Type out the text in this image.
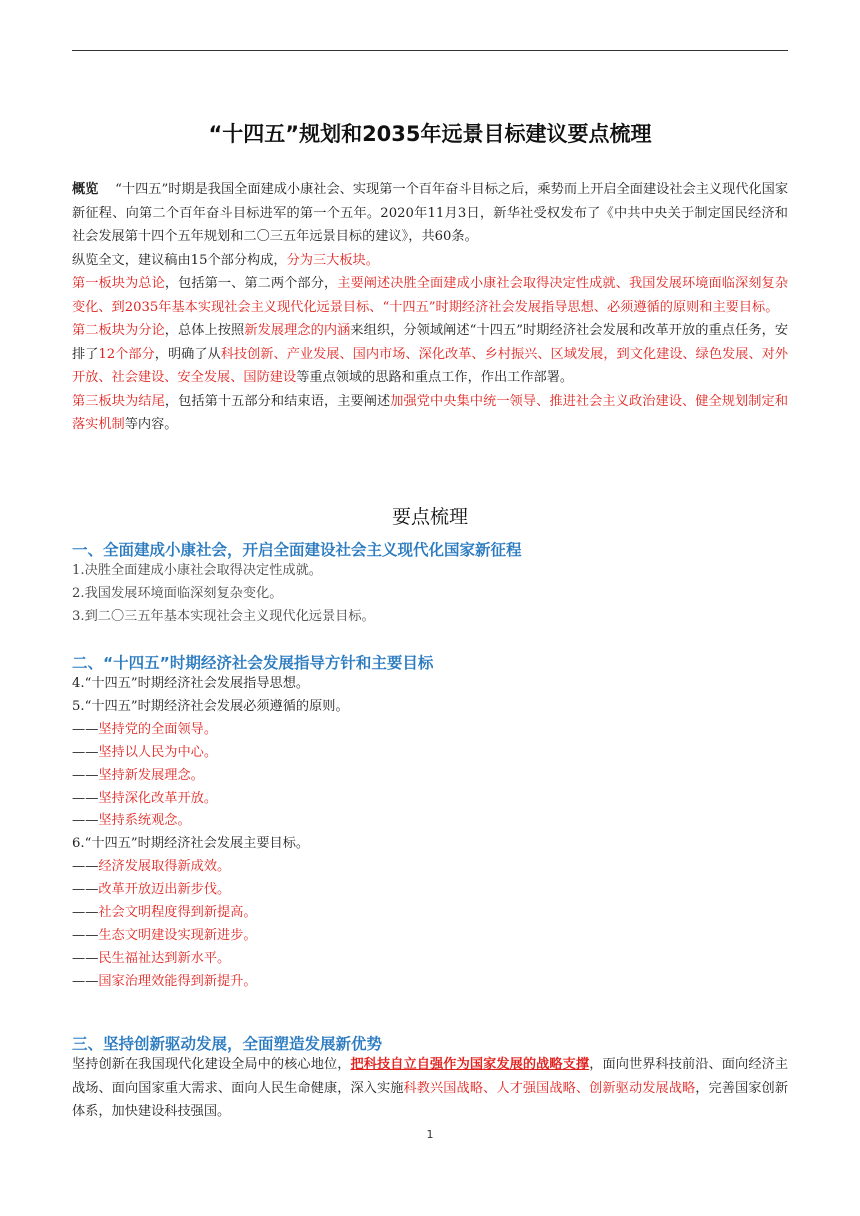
“十四五”规划和2035年远景目标建议要点梳理

概览 “十四五”时期是我国全面建成小康社会、实现第一个百年奋斗目标之后，乘势而上开启全面建设社会主义现代化国家新征程、向第二个百年奋斗目标进军的第一个五年。2020年11月3日，新华社受权发布了《中共中央关于制定国民经济和社会发展第十四个五年规划和二〇三五年远景目标的建议》，共60条。
纵览全文，建议稿由15个部分构成，分为三大板块。
第一板块为总论，包括第一、第二两个部分，主要阐述决胜全面建成小康社会取得决定性成就、我国发展环境面临深刻复杂变化、到2035年基本实现社会主义现代化远景目标、“十四五”时期经济社会发展指导思想、必须遵循的原则和主要目标。
第二板块为分论，总体上按照新发展理念的内涵来组织，分领域阐述“十四五”时期经济社会发展和改革开放的重点任务，安排了12个部分，明确了从科技创新、产业发展、国内市场、深化改革、乡村振兴、区域发展，到文化建设、绿色发展、对外开放、社会建设、安全发展、国防建设等重点领域的思路和重点工作，作出工作部署。
第三板块为结尾，包括第十五部分和结束语，主要阐述加强党中央集中统一领导、推进社会主义政治建设、健全规划制定和落实机制等内容。

要点梳理

一、全面建成小康社会，开启全面建设社会主义现代化国家新征程

1.决胜全面建成小康社会取得决定性成就。
2.我国发展环境面临深刻复杂变化。
3.到二〇三五年基本实现社会主义现代化远景目标。

二、“十四五”时期经济社会发展指导方针和主要目标

4.“十四五”时期经济社会发展指导思想。
5.“十四五”时期经济社会发展必须遵循的原则。
——坚持党的全面领导。
——坚持以人民为中心。
——坚持新发展理念。
——坚持深化改革开放。
——坚持系统观念。
6.“十四五”时期经济社会发展主要目标。
——经济发展取得新成效。
——改革开放迈出新步伐。
——社会文明程度得到新提高。
——生态文明建设实现新进步。
——民生福祉达到新水平。
——国家治理效能得到新提升。

三、坚持创新驱动发展，全面塑造发展新优势

坚持创新在我国现代化建设全局中的核心地位，把科技自立自强作为国家发展的战略支撑，面向世界科技前沿、面向经济主战场、面向国家重大需求、面向人民生命健康，深入实施科教兴国战略、人才强国战略、创新驱动发展战略，完善国家创新体系，加快建设科技强国。

1
